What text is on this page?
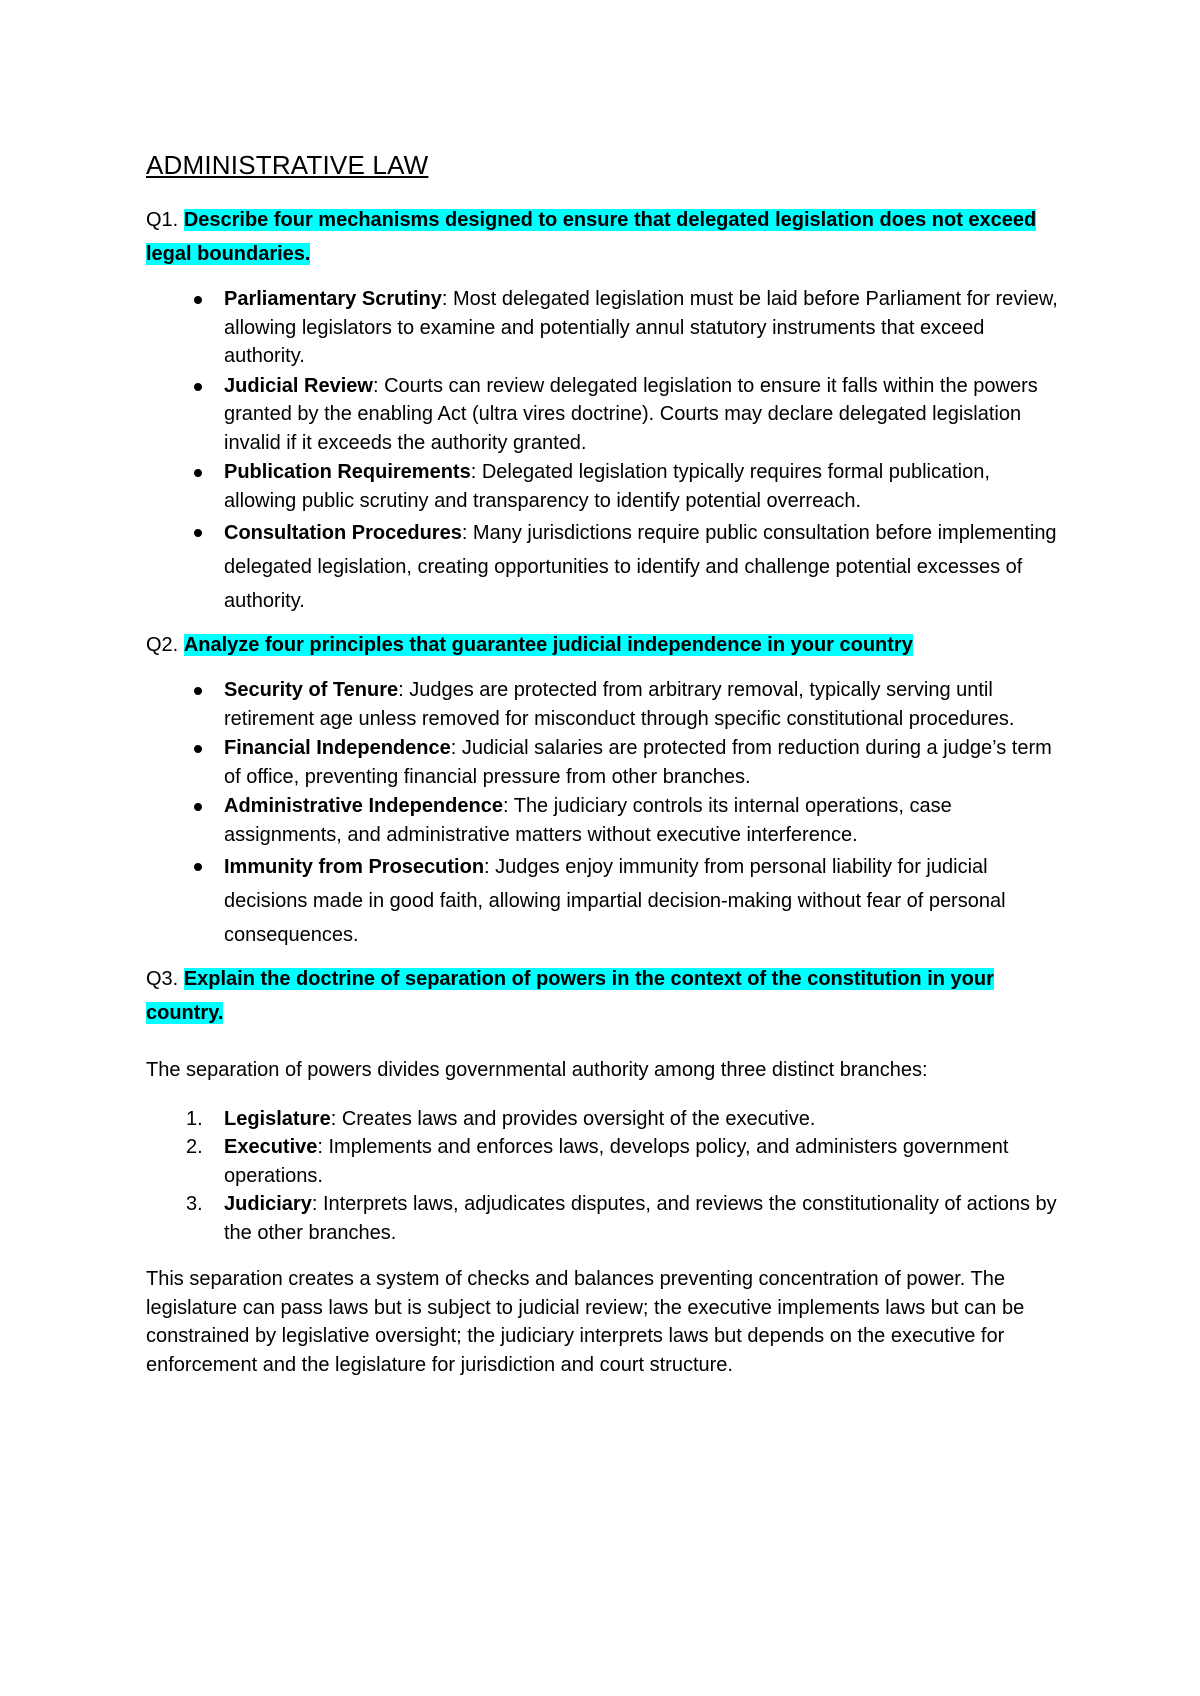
ADMINISTRATIVE LAW

Q1. Describe four mechanisms designed to ensure that delegated legislation does not exceed legal boundaries.

Parliamentary Scrutiny: Most delegated legislation must be laid before Parliament for review, allowing legislators to examine and potentially annul statutory instruments that exceed authority.
Judicial Review: Courts can review delegated legislation to ensure it falls within the powers granted by the enabling Act (ultra vires doctrine). Courts may declare delegated legislation invalid if it exceeds the authority granted.
Publication Requirements: Delegated legislation typically requires formal publication, allowing public scrutiny and transparency to identify potential overreach.
Consultation Procedures: Many jurisdictions require public consultation before implementing delegated legislation, creating opportunities to identify and challenge potential excesses of authority.

Q2. Analyze four principles that guarantee judicial independence in your country

Security of Tenure: Judges are protected from arbitrary removal, typically serving until retirement age unless removed for misconduct through specific constitutional procedures.
Financial Independence: Judicial salaries are protected from reduction during a judge’s term of office, preventing financial pressure from other branches.
Administrative Independence: The judiciary controls its internal operations, case assignments, and administrative matters without executive interference.
Immunity from Prosecution: Judges enjoy immunity from personal liability for judicial decisions made in good faith, allowing impartial decision-making without fear of personal consequences.

Q3. Explain the doctrine of separation of powers in the context of the constitution in your country.

The separation of powers divides governmental authority among three distinct branches:

1. Legislature: Creates laws and provides oversight of the executive.
2. Executive: Implements and enforces laws, develops policy, and administers government operations.
3. Judiciary: Interprets laws, adjudicates disputes, and reviews the constitutionality of actions by the other branches.

This separation creates a system of checks and balances preventing concentration of power. The legislature can pass laws but is subject to judicial review; the executive implements laws but can be constrained by legislative oversight; the judiciary interprets laws but depends on the executive for enforcement and the legislature for jurisdiction and court structure.
